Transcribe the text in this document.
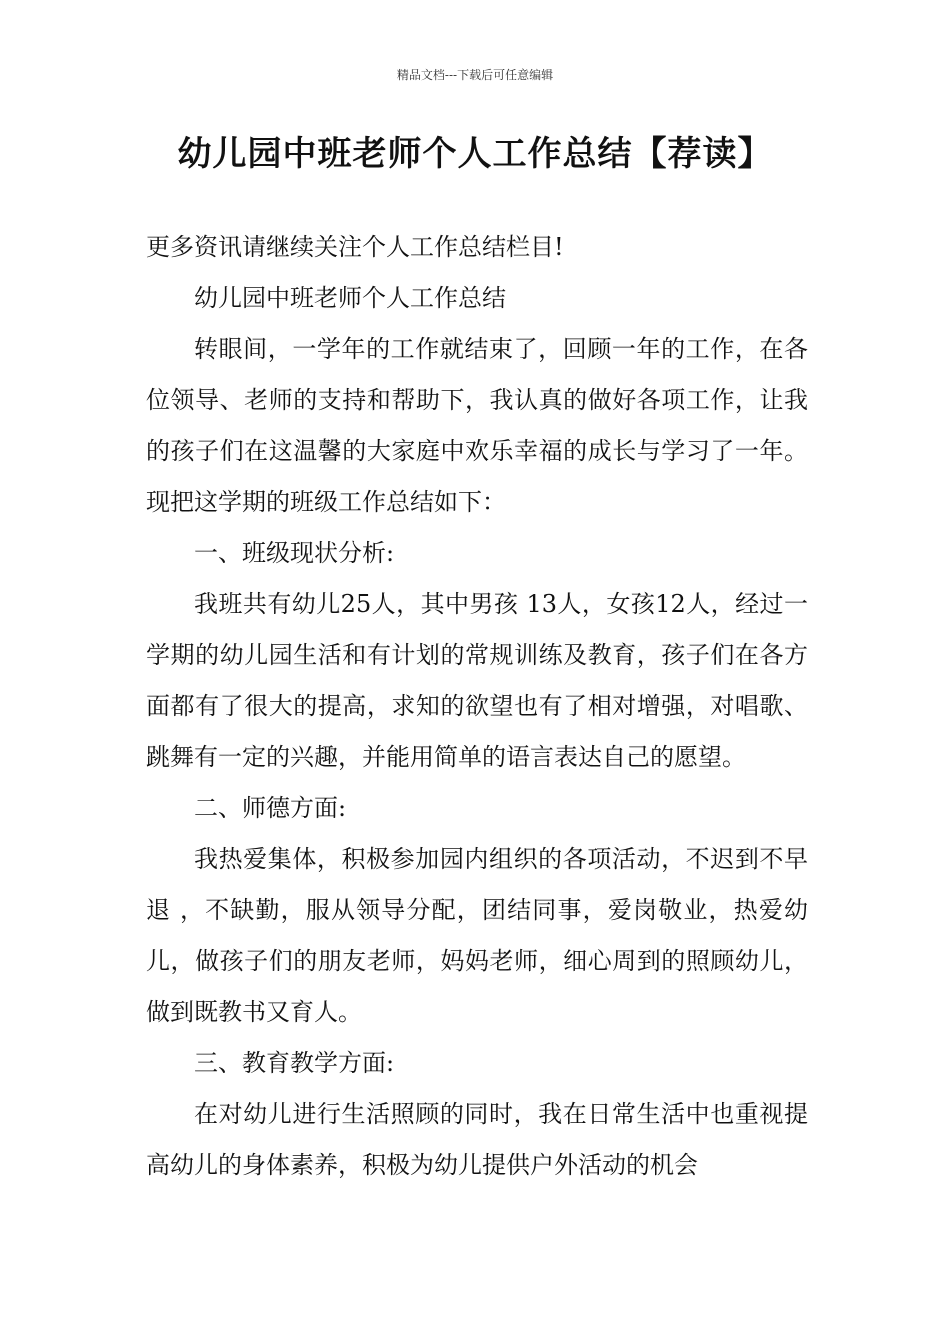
精品文档---下载后可任意编辑
幼儿园中班老师个人工作总结【荐读】

更多资讯请继续关注个人工作总结栏目!

幼儿园中班老师个人工作总结

转眼间，一学年的工作就结束了，回顾一年的工作，在各位领导、老师的支持和帮助下，我认真的做好各项工作，让我的孩子们在这温馨的大家庭中欢乐幸福的成长与学习了一年。现把这学期的班级工作总结如下：

一、班级现状分析:

我班共有幼儿25人，其中男孩 13人，女孩12人，经过一学期的幼儿园生活和有计划的常规训练及教育，孩子们在各方面都有了很大的提高，求知的欲望也有了相对增强，对唱歌、跳舞有一定的兴趣，并能用简单的语言表达自己的愿望。

二、师德方面:

我热爱集体，积极参加园内组织的各项活动，不迟到不早退 ，不缺勤，服从领导分配，团结同事，爱岗敬业，热爱幼儿，做孩子们的朋友老师，妈妈老师，细心周到的照顾幼儿，做到既教书又育人。

三、教育教学方面:

在对幼儿进行生活照顾的同时，我在日常生活中也重视提高幼儿的身体素养，积极为幼儿提供户外活动的机会
